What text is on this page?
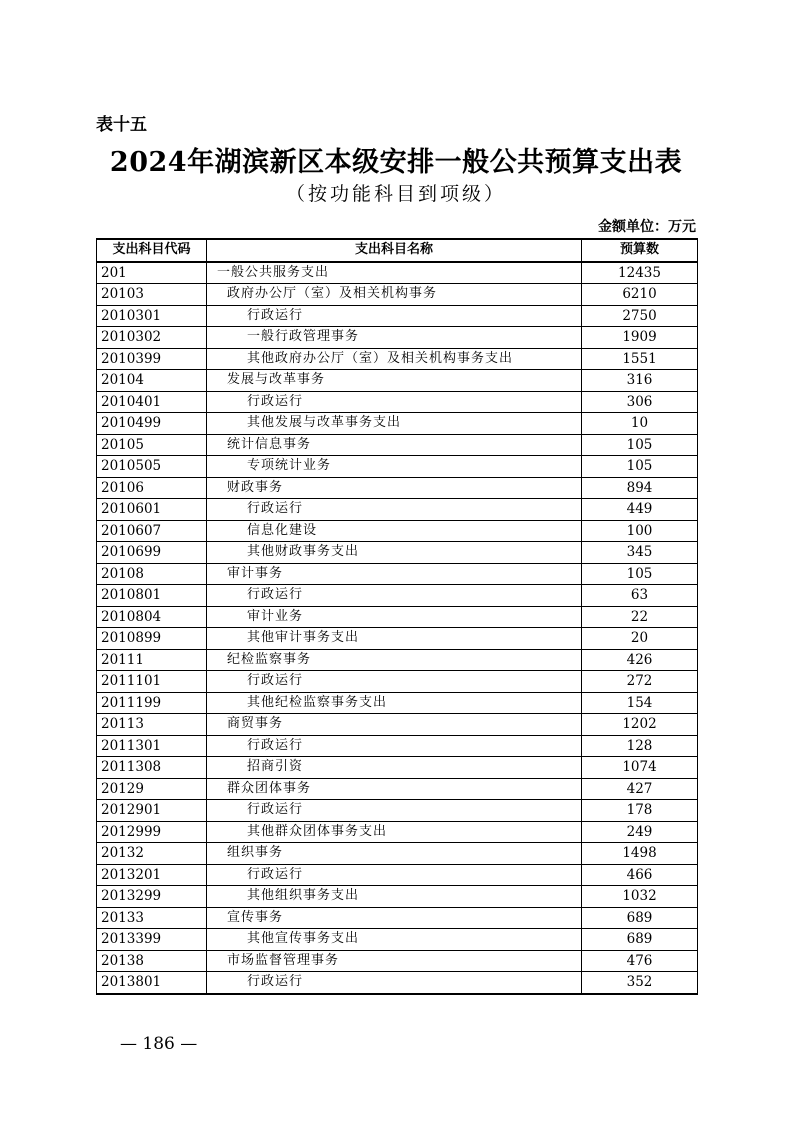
表十五
2024年湖滨新区本级安排一般公共预算支出表
（按功能科目到项级）
金额单位：万元
支出科目代码	支出科目名称	预算数
201	一般公共服务支出	12435
20103	政府办公厅（室）及相关机构事务	6210
2010301	行政运行	2750
2010302	一般行政管理事务	1909
2010399	其他政府办公厅（室）及相关机构事务支出	1551
20104	发展与改革事务	316
2010401	行政运行	306
2010499	其他发展与改革事务支出	10
20105	统计信息事务	105
2010505	专项统计业务	105
20106	财政事务	894
2010601	行政运行	449
2010607	信息化建设	100
2010699	其他财政事务支出	345
20108	审计事务	105
2010801	行政运行	63
2010804	审计业务	22
2010899	其他审计事务支出	20
20111	纪检监察事务	426
2011101	行政运行	272
2011199	其他纪检监察事务支出	154
20113	商贸事务	1202
2011301	行政运行	128
2011308	招商引资	1074
20129	群众团体事务	427
2012901	行政运行	178
2012999	其他群众团体事务支出	249
20132	组织事务	1498
2013201	行政运行	466
2013299	其他组织事务支出	1032
20133	宣传事务	689
2013399	其他宣传事务支出	689
20138	市场监督管理事务	476
2013801	行政运行	352
— 186 —
